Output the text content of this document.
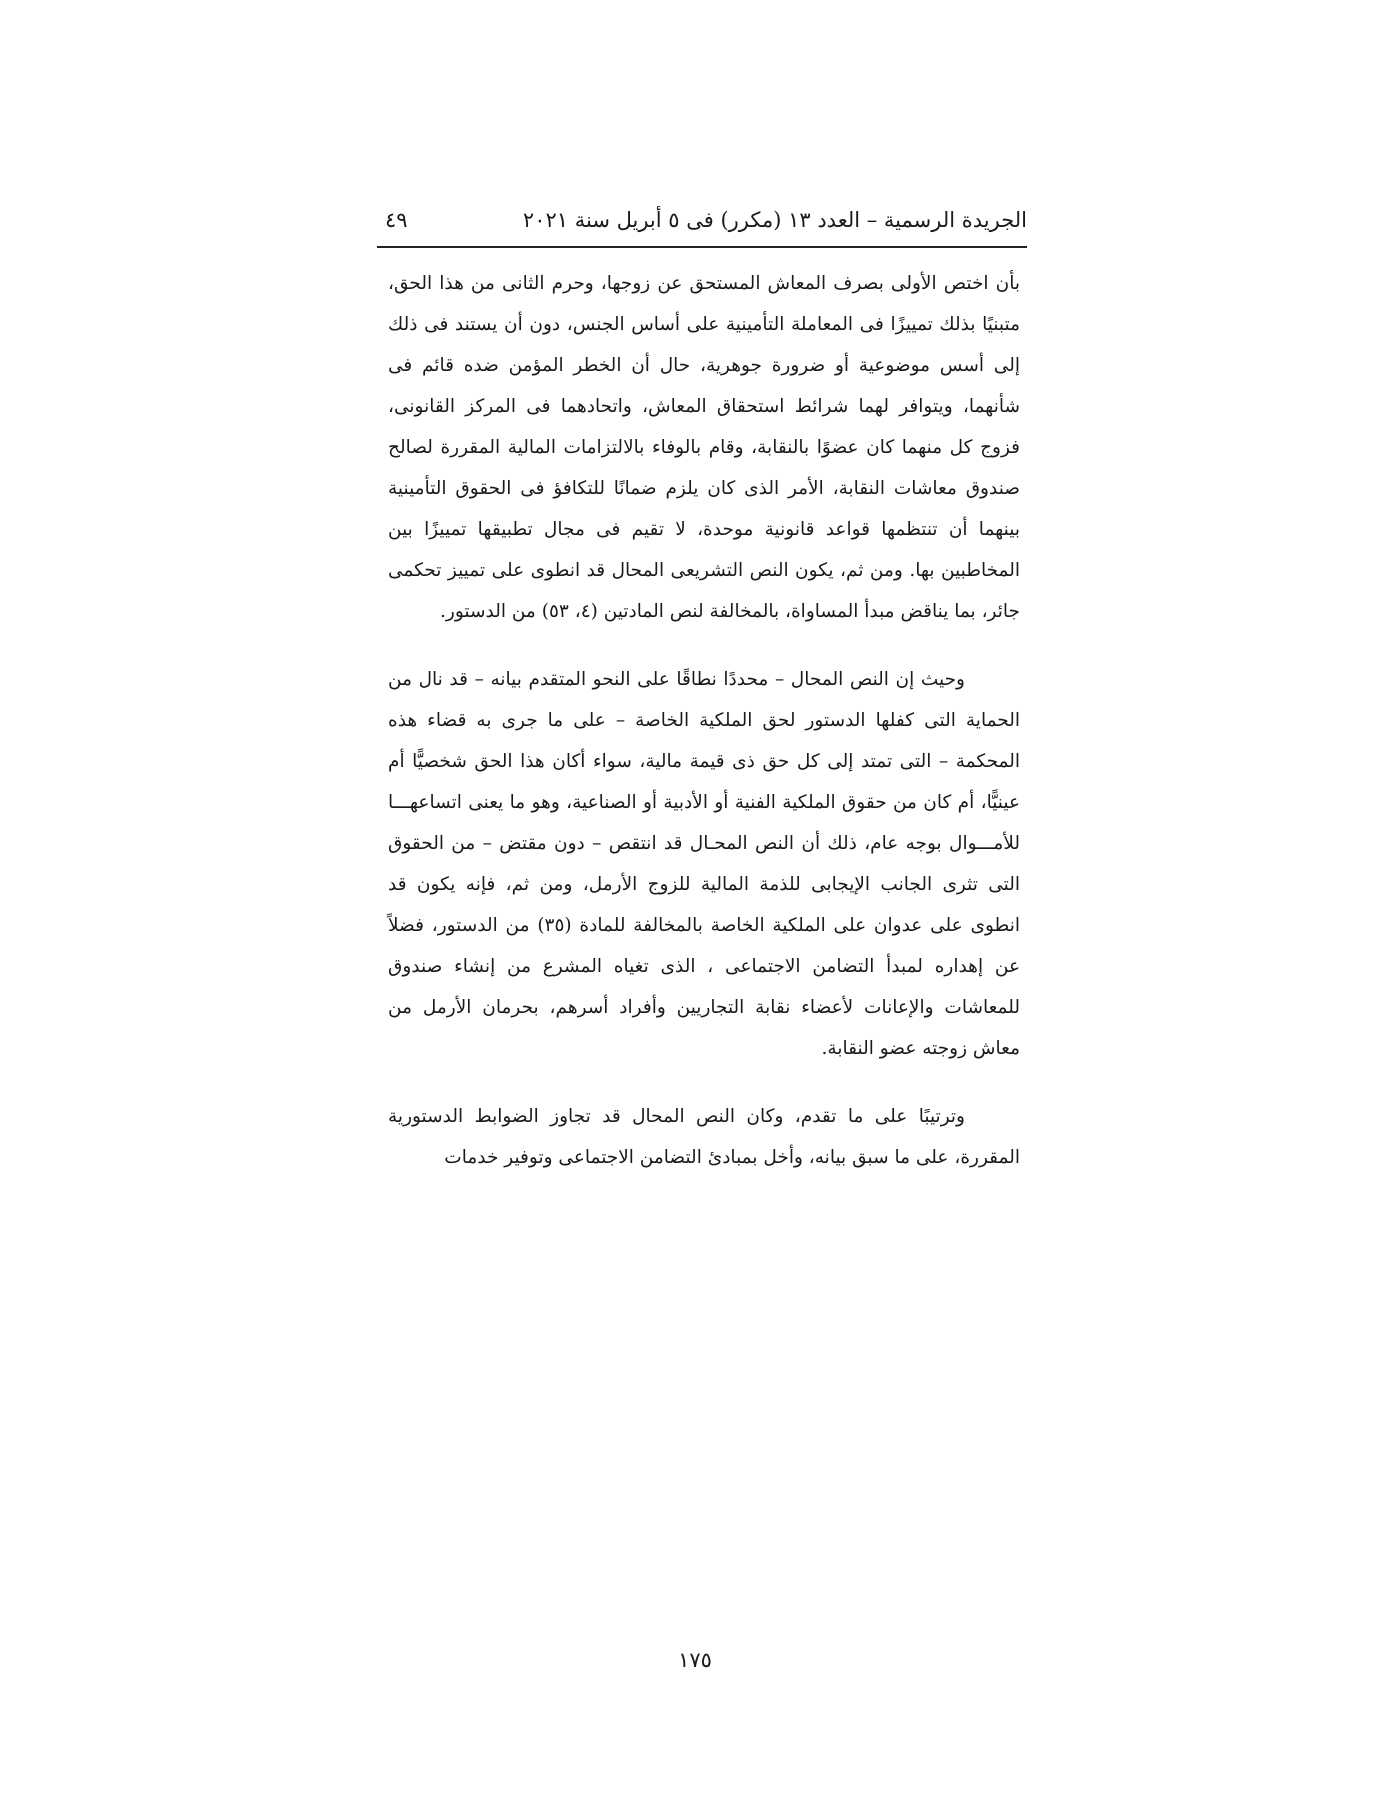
الجريدة الرسمية – العدد ١٣ (مكرر) فى ٥ أبريل سنة ٢٠٢١
٤٩

بأن اختص الأولى بصرف المعاش المستحق عن زوجها، وحرم الثانى من هذا الحق، متبنيًا بذلك تمييزًا فى المعاملة التأمينية على أساس الجنس، دون أن يستند فى ذلك إلى أسس موضوعية أو ضرورة جوهرية، حال أن الخطر المؤمن ضده قائم فى شأنهما، ويتوافر لهما شرائط استحقاق المعاش، واتحادهما فى المركز القانونى، فزوج كل منهما كان عضوًا بالنقابة، وقام بالوفاء بالالتزامات المالية المقررة لصالح صندوق معاشات النقابة، الأمر الذى كان يلزم ضمانًا للتكافؤ فى الحقوق التأمينية بينهما أن تنتظمها قواعد قانونية موحدة، لا تقيم فى مجال تطبيقها تمييزًا بين المخاطبين بها. ومن ثم، يكون النص التشريعى المحال قد انطوى على تمييز تحكمى جائر، بما يناقض مبدأ المساواة، بالمخالفة لنص المادتين (٤، ٥٣) من الدستور.

وحيث إن النص المحال – محددًا نطاقًا على النحو المتقدم بيانه – قد نال من الحماية التى كفلها الدستور لحق الملكية الخاصة – على ما جرى به قضاء هذه المحكمة – التى تمتد إلى كل حق ذى قيمة مالية، سواء أكان هذا الحق شخصيًّا أم عينيًّا، أم كان من حقوق الملكية الفنية أو الأدبية أو الصناعية، وهو ما يعنى اتساعهـــا للأمـــوال بوجه عام، ذلك أن النص المحـال قد انتقص – دون مقتض – من الحقوق التى تثرى الجانب الإيجابى للذمة المالية للزوج الأرمل، ومن ثم، فإنه يكون قد انطوى على عدوان على الملكية الخاصة بالمخالفة للمادة (٣٥) من الدستور، فضلاً عن إهداره لمبدأ التضامن الاجتماعى ، الذى تغياه المشرع من إنشاء صندوق للمعاشات والإعانات لأعضاء نقابة التجاريين وأفراد أسرهم، بحرمان الأرمل من معاش زوجته عضو النقابة.

وترتيبًا على ما تقدم، وكان النص المحال قد تجاوز الضوابط الدستورية المقررة، على ما سبق بيانه، وأخل بمبادئ التضامن الاجتماعى وتوفير خدمات

١٧٥
